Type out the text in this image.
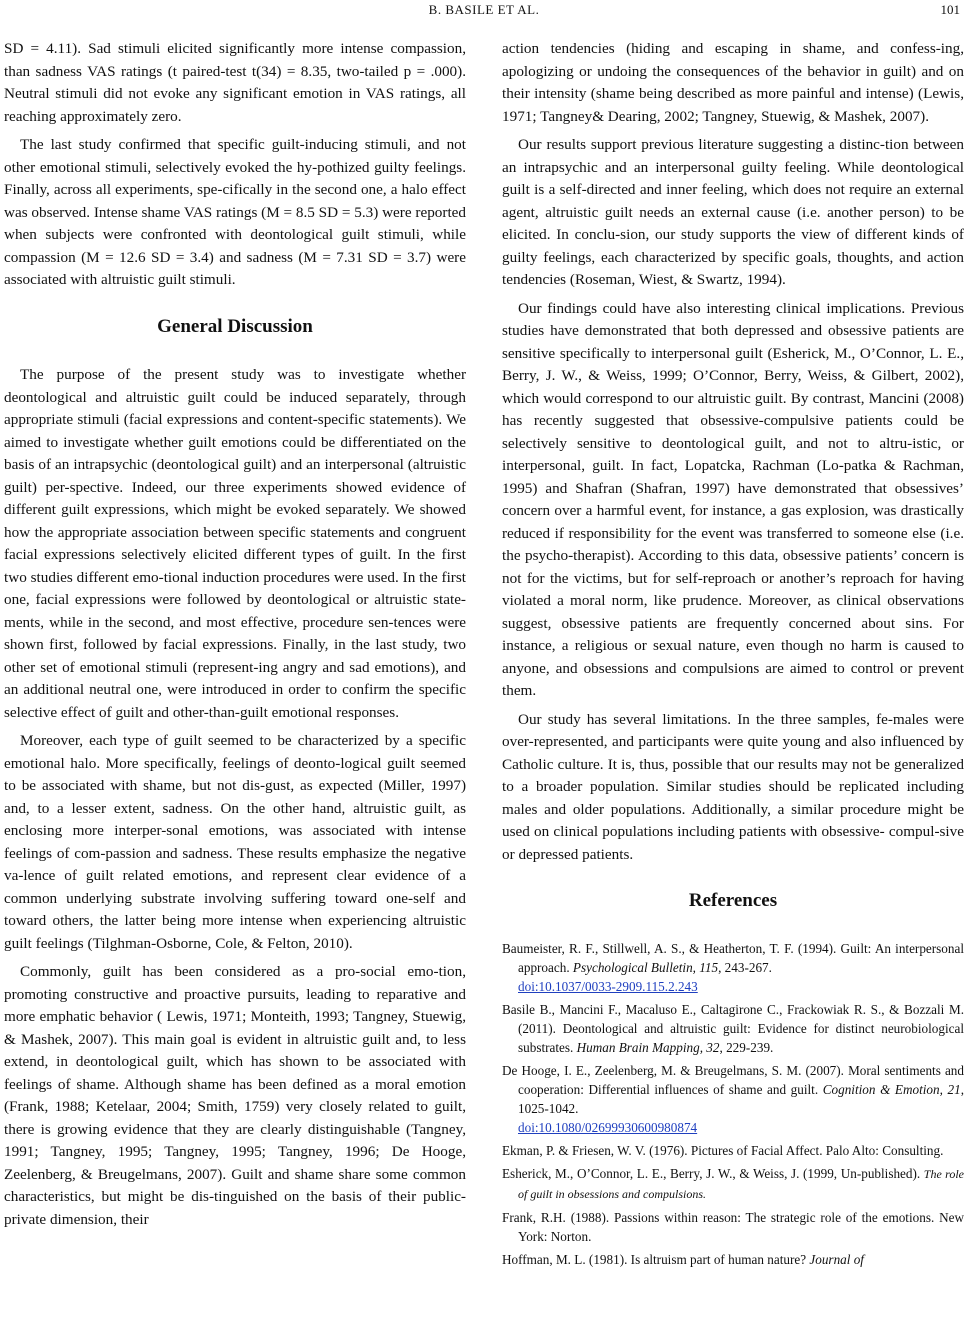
B. BASILE ET AL.	101

SD = 4.11). Sad stimuli elicited significantly more intense compassion, than sadness VAS ratings (t paired-test t(34) = 8.35, two-tailed p = .000). Neutral stimuli did not evoke any significant emotion in VAS ratings, all reaching approximately zero.

The last study confirmed that specific guilt-inducing stimuli, and not other emotional stimuli, selectively evoked the hy-pothized guilty feelings. Finally, across all experiments, spe-cifically in the second one, a halo effect was observed. Intense shame VAS ratings (M = 8.5 SD = 5.3) were reported when subjects were confronted with deontological guilt stimuli, while compassion (M = 12.6 SD = 3.4) and sadness (M = 7.31 SD = 3.7) were associated with altruistic guilt stimuli.

General Discussion

The purpose of the present study was to investigate whether deontological and altruistic guilt could be induced separately, through appropriate stimuli (facial expressions and content-specific statements). We aimed to investigate whether guilt emotions could be differentiated on the basis of an intrapsychic (deontological guilt) and an interpersonal (altruistic guilt) per-spective. Indeed, our three experiments showed evidence of different guilt expressions, which might be evoked separately. We showed how the appropriate association between specific statements and congruent facial expressions selectively elicited different types of guilt. In the first two studies different emo-tional induction procedures were used. In the first one, facial expressions were followed by deontological or altruistic state-ments, while in the second, and most effective, procedure sen-tences were shown first, followed by facial expressions. Finally, in the last study, two other set of emotional stimuli (represent-ing angry and sad emotions), and an additional neutral one, were introduced in order to confirm the specific selective effect of guilt and other-than-guilt emotional responses.

Moreover, each type of guilt seemed to be characterized by a specific emotional halo. More specifically, feelings of deonto-logical guilt seemed to be associated with shame, but not dis-gust, as expected (Miller, 1997) and, to a lesser extent, sadness. On the other hand, altruistic guilt, as enclosing more interper-sonal emotions, was associated with intense feelings of com-passion and sadness. These results emphasize the negative va-lence of guilt related emotions, and represent clear evidence of a common underlying substrate involving suffering toward one-self and toward others, the latter being more intense when experiencing altruistic guilt feelings (Tilghman-Osborne, Cole, & Felton, 2010).

Commonly, guilt has been considered as a pro-social emo-tion, promoting constructive and proactive pursuits, leading to reparative and more emphatic behavior ( Lewis, 1971; Monteith, 1993; Tangney, Stuewig, & Mashek, 2007). This main goal is evident in altruistic guilt and, to less extend, in deontological guilt, which has shown to be associated with feelings of shame. Although shame has been defined as a moral emotion (Frank, 1988; Ketelaar, 2004; Smith, 1759) very closely related to guilt, there is growing evidence that they are clearly distinguishable (Tangney, 1991; Tangney, 1995; Tangney, 1995; Tangney, 1996; De Hooge, Zeelenberg, & Breugelmans, 2007). Guilt and shame share some common characteristics, but might be dis-tinguished on the basis of their public-private dimension, their

action tendencies (hiding and escaping in shame, and confess-ing, apologizing or undoing the consequences of the behavior in guilt) and on their intensity (shame being described as more painful and intense) (Lewis, 1971; Tangney& Dearing, 2002; Tangney, Stuewig, & Mashek, 2007).

Our results support previous literature suggesting a distinc-tion between an intrapsychic and an interpersonal guilty feeling. While deontological guilt is a self-directed and inner feeling, which does not require an external agent, altruistic guilt needs an external cause (i.e. another person) to be elicited. In conclu-sion, our study supports the view of different kinds of guilty feelings, each characterized by specific goals, thoughts, and action tendencies (Roseman, Wiest, & Swartz, 1994).

Our findings could have also interesting clinical implications. Previous studies have demonstrated that both depressed and obsessive patients are sensitive specifically to interpersonal guilt (Esherick, M., O’Connor, L. E., Berry, J. W., & Weiss, 1999; O’Connor, Berry, Weiss, & Gilbert, 2002), which would correspond to our altruistic guilt. By contrast, Mancini (2008) has recently suggested that obsessive-compulsive patients could be selectively sensitive to deontological guilt, and not to altru-istic, or interpersonal, guilt. In fact, Lopatcka, Rachman (Lo-patka & Rachman, 1995) and Shafran (Shafran, 1997) have demonstrated that obsessives’ concern over a harmful event, for instance, a gas explosion, was drastically reduced if responsibility for the event was transferred to someone else (i.e. the psycho-therapist). According to this data, obsessive patients’ concern is not for the victims, but for self-reproach or another’s reproach for having violated a moral norm, like prudence. Moreover, as clinical observations suggest, obsessive patients are frequently concerned about sins. For instance, a religious or sexual nature, even though no harm is caused to anyone, and obsessions and compulsions are aimed to control or prevent them.

Our study has several limitations. In the three samples, fe-males were over-represented, and participants were quite young and also influenced by Catholic culture. It is, thus, possible that our results may not be generalized to a broader population. Similar studies should be replicated including males and older populations. Additionally, a similar procedure might be used on clinical populations including patients with obsessive- compul-sive or depressed patients.

References
Baumeister, R. F., Stillwell, A. S., & Heatherton, T. F. (1994). Guilt: An interpersonal approach. Psychological Bulletin, 115, 243-267.
doi:10.1037/0033-2909.115.2.243
Basile B., Mancini F., Macaluso E., Caltagirone C., Frackowiak R. S., & Bozzali M. (2011). Deontological and altruistic guilt: Evidence for distinct neurobiological substrates. Human Brain Mapping, 32, 229-239.
De Hooge, I. E., Zeelenberg, M. & Breugelmans, S. M. (2007). Moral sentiments and cooperation: Differential influences of shame and guilt. Cognition & Emotion, 21, 1025-1042.
doi:10.1080/02699930600980874
Ekman, P. & Friesen, W. V. (1976). Pictures of Facial Affect. Palo Alto: Consulting.
Esherick, M., O’Connor, L. E., Berry, J. W., & Weiss, J. (1999, Un-published). The role of guilt in obsessions and compulsions.
Frank, R.H. (1988). Passions within reason: The strategic role of the emotions. New York: Norton.
Hoffman, M. L. (1981). Is altruism part of human nature? Journal of
